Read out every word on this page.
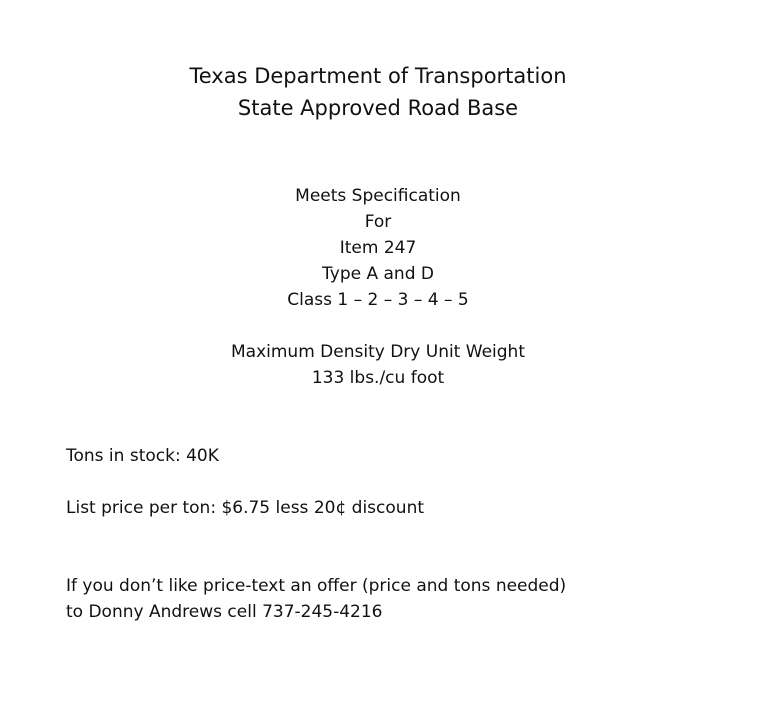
Texas Department of Transportation

State Approved Road Base

Meets Specification

For

Item 247

Type A and D

Class 1 – 2 – 3 – 4 – 5

Maximum Density Dry Unit Weight

133 lbs./cu foot

Tons in stock: 40K

List price per ton: $6.75 less 20¢ discount

If you don’t like price-text an offer (price and tons needed)

to Donny Andrews cell 737-245-4216
